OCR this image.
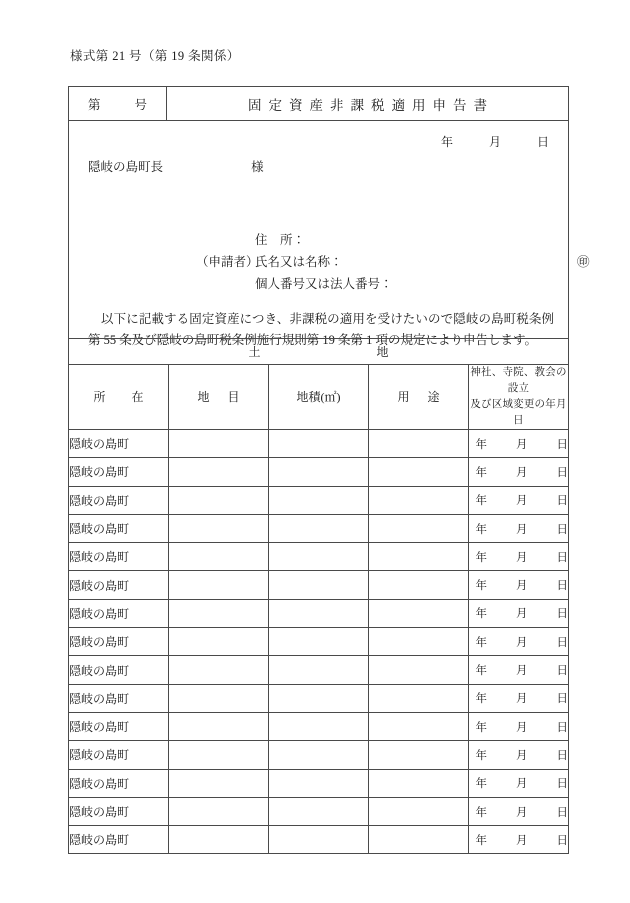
様式第 21 号（第 19 条関係）
第	号	固定資産非課税適用申告書
年	月	日
隠岐の島町長	様
住　所：
（申請者）
氏名又は名称：	㊞
個人番号又は法人番号：
以下に記載する固定資産につき、非課税の適用を受けたいので隠岐の島町税条例第 55 条及び隠岐の島町税条例施行規則第 19 条第 1 項の規定により申告します。
土 地				
所 在	地 目	地積(㎡)	用 途	神社、寺院、教会の設立
及び区域変更の年月日

隠岐の島町				年 月 日
隠岐の島町				年 月 日
隠岐の島町				年 月 日
隠岐の島町				年 月 日
隠岐の島町				年 月 日
隠岐の島町				年 月 日
隠岐の島町				年 月 日
隠岐の島町				年 月 日
隠岐の島町				年 月 日
隠岐の島町				年 月 日
隠岐の島町				年 月 日
隠岐の島町				年 月 日
隠岐の島町				年 月 日
隠岐の島町				年 月 日
隠岐の島町				年 月 日
